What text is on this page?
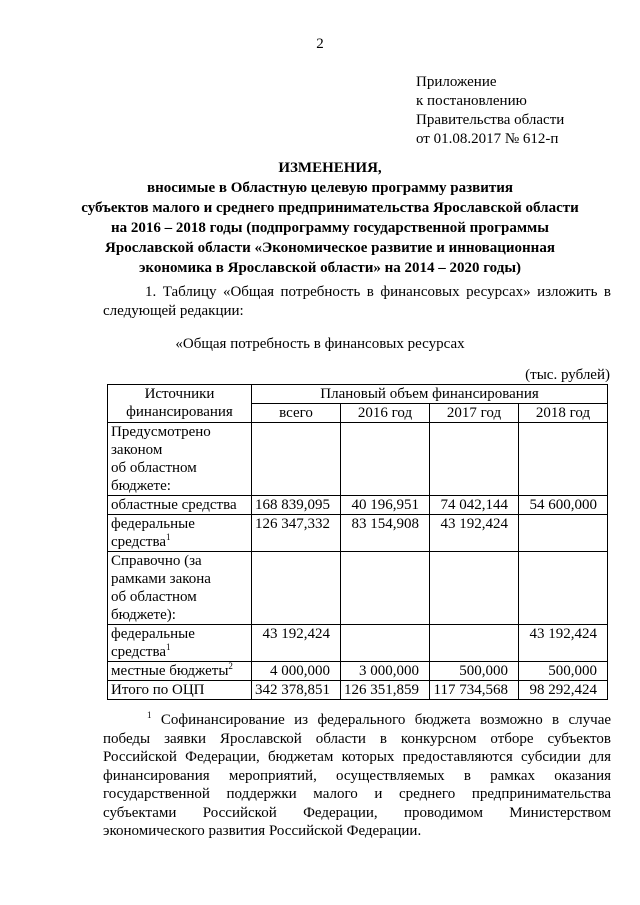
2
Приложение
к постановлению
Правительства области
от 01.08.2017 № 612-п
ИЗМЕНЕНИЯ,
вносимые в Областную целевую программу развития
субъектов малого и среднего предпринимательства Ярославской области
на 2016 – 2018 годы (подпрограмму государственной программы
Ярославской области «Экономическое развитие и инновационная
экономика в Ярославской области» на 2014 – 2020 годы)
1. Таблицу «Общая потребность в финансовых ресурсах» изложить в следующей редакции:
«Общая потребность в финансовых ресурсах
(тыс. рублей)
Источники
финансирования	Плановый объем финансирования			
	всего	2016 год	2017 год	2018 год

Предусмотрено
законом
об областном
бюджете:				

областные средства	168 839,095	40 196,951	74 042,144	54 600,000

федеральные
средства$^1$	126 347,332	83 154,908	43 192,424	

Справочно (за
рамками закона
об областном
бюджете):				

федеральные
средства$^1$	43 192,424			43 192,424
местные бюджеты$^2$	4 000,000	3 000,000	500,000	500,000
Итого по ОЦП	342 378,851	126 351,859	117 734,568	98 292,424
$^1$ Софинансирование из федерального бюджета возможно в случае победы заявки Ярославской области в конкурсном отборе субъектов Российской Федерации, бюджетам которых предоставляются субсидии для финансирования мероприятий, осуществляемых в рамках оказания государственной поддержки малого и среднего предпринимательства субъектами Российской Федерации, проводимом Министерством экономического развития Российской Федерации.
